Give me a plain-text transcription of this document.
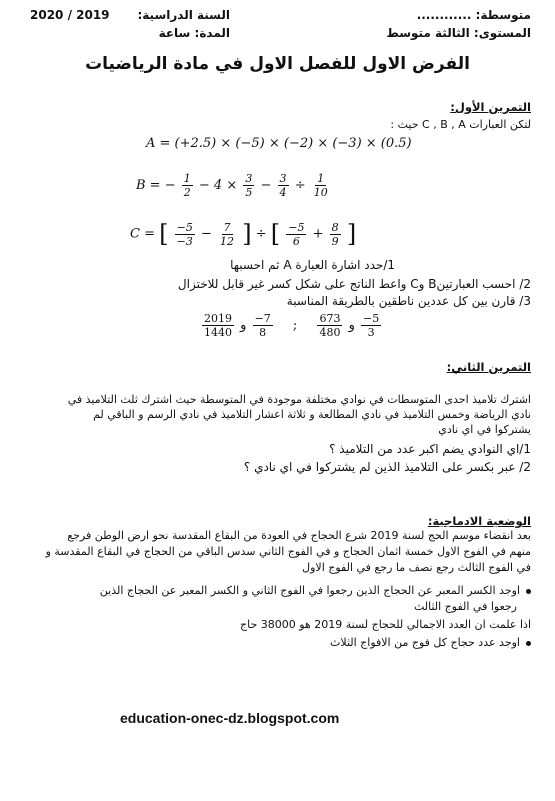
متوسطة: ............
المستوى: الثالثة متوسط
السنة الدراسية:
2020 / 2019
المدة: ساعة
الفرض الاول للفصل الاول في مادة الرياضيات
التمرين الأول:
لتكن العبارات C , B , A حيث :
A = (+2.5) × (−5) × (−2) × (−3) × (0.5)
B = − $\frac{1}{2} - 4 \times \frac{3}{5} - \frac{3}{4} \div \frac{1}{10}$
C = [ $\frac{-5}{-3} - \frac{7}{12}$ ] ÷ [ $\frac{-5}{6} + \frac{8}{9}$ ]
1/حدد اشارة العبارة A ثم احسبها
2/ احسب العبارتينB وC واعط الناتج على شكل كسر غير قابل للاختزال
3/ قارن بين كل عددين ناطقين بالطريقة المناسبة
$\frac{2019}{1440}$	و
$\frac{673}{480}$
;
$\frac{-7}{8}$
و	$\frac{-5}{3}$
التمرين الثاني:
اشترك تلاميذ احدى المتوسطات في نوادي مختلفة موجودة في المتوسطة حيث اشترك ثلث التلاميذ في
نادي الرياضة وخمس التلاميذ في نادي المطالعة و ثلاثة اعشار التلاميذ في نادي الرسم و الباقي لم
يشتركوا في اي نادي
1/اي النوادي يضم اكبر عدد من التلاميذ ؟
2/ عبر بكسر على التلاميذ الذين لم يشتركوا في اي نادي ؟
الوضعية الادماجية:
بعد انقضاء موسم الحج لسنة 2019 شرع الحجاج في العودة من البقاع المقدسة نحو ارض الوطن فرجع
منهم في الفوج الاول خمسة اثمان الحجاج و في الفوج الثاني سدس الباقي من الحجاج في البقاع المقدسة و
في الفوج الثالث رجع نصف ما رجع في الفوج الاول
اوجد الكسر المعبر عن الحجاج الذين رجعوا في الفوج الثاني و الكسر المعبر عن الحجاج الذين
رجعوا في الفوج الثالث
اذا علمت ان العدد الاجمالي للحجاج لسنة 2019 هو 38000 حاج
اوجد عدد حجاج كل فوج من الافواج الثلاث
education-onec-dz.blogspot.com
